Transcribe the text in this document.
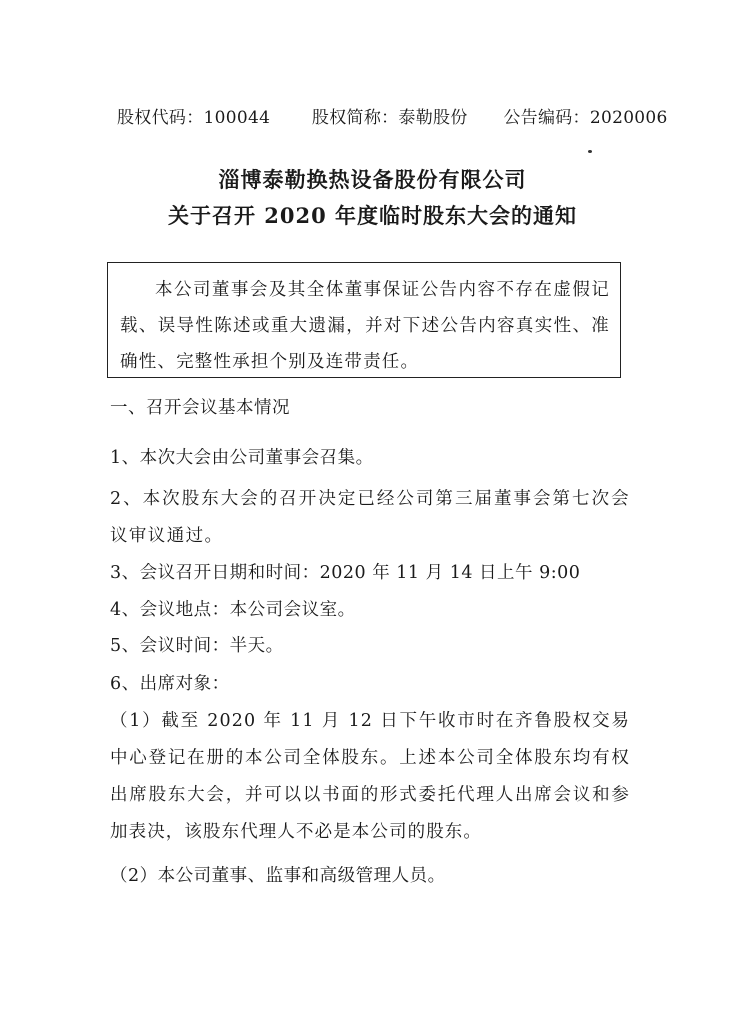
股权代码：100044 股权简称：泰勒股份 公告编码：2020006
淄博泰勒换热设备股份有限公司
关于召开 2020 年度临时股东大会的通知
本公司董事会及其全体董事保证公告内容不存在虚假记载、误导性陈述或重大遗漏，并对下述公告内容真实性、准确性、完整性承担个别及连带责任。
一、召开会议基本情况
1、本次大会由公司董事会召集。
2、本次股东大会的召开决定已经公司第三届董事会第七次会议审议通过。
3、会议召开日期和时间：2020 年 11 月 14 日上午 9:00
4、会议地点：本公司会议室。
5、会议时间：半天。
6、出席对象：
（1）截至 2020 年 11 月 12 日下午收市时在齐鲁股权交易中心登记在册的本公司全体股东。上述本公司全体股东均有权出席股东大会，并可以以书面的形式委托代理人出席会议和参加表决，该股东代理人不必是本公司的股东。
（2）本公司董事、监事和高级管理人员。
